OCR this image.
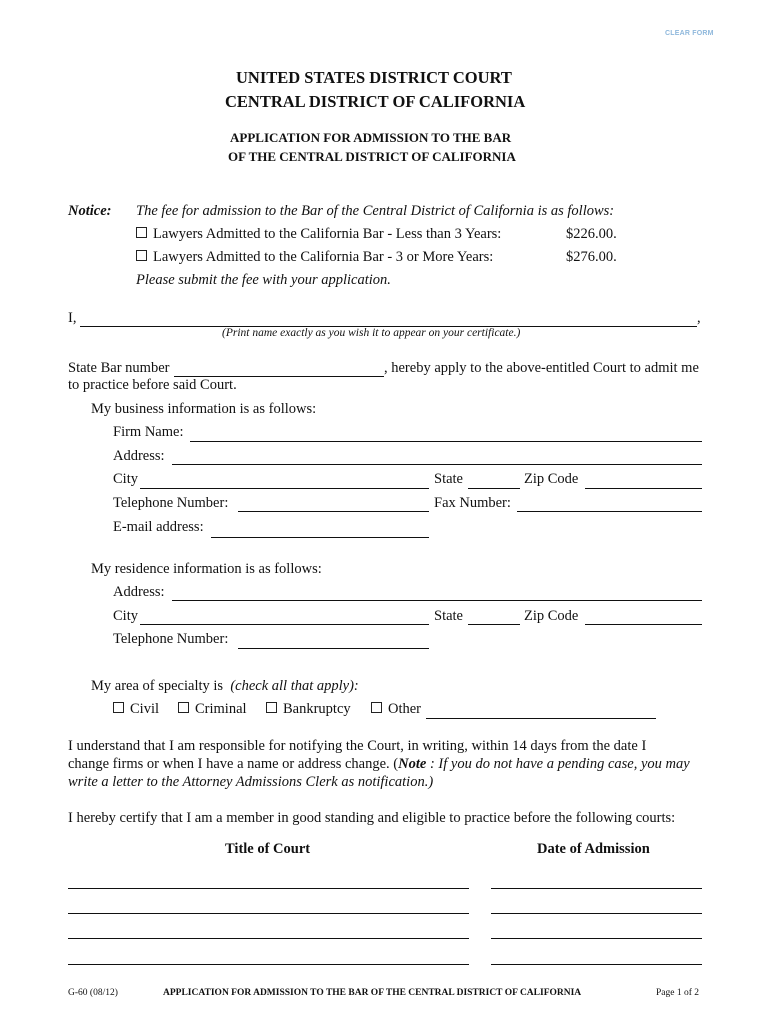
CLEAR FORM
UNITED STATES DISTRICT COURT
CENTRAL DISTRICT OF CALIFORNIA
APPLICATION FOR ADMISSION TO THE BAR
OF THE CENTRAL DISTRICT OF CALIFORNIA
Notice: The fee for admission to the Bar of the Central District of California is as follows:
Lawyers Admitted to the California Bar - Less than 3 Years:	$226.00.
Lawyers Admitted to the California Bar - 3 or More Years:	$276.00.
Please submit the fee with your application.
I,	,
(Print name exactly as you wish it to appear on your certificate.)
State Bar number	, hereby apply to the above-entitled Court to admit me
to practice before said Court.
My business information is as follows:
Firm Name:
Address:
City	State	Zip Code
Telephone Number:	Fax Number:
E-mail address:
My residence information is as follows:
Address:
City	State	Zip Code
Telephone Number:
My area of specialty is (check all that apply):
Civil	Criminal	Bankruptcy	Other
I understand that I am responsible for notifying the Court, in writing, within 14 days from the date I
change firms or when I have a name or address change. (Note : If you do not have a pending case, you may
write a letter to the Attorney Admissions Clerk as notification.)
I hereby certify that I am a member in good standing and eligible to practice before the following courts:
Title of Court	Date of Admission
G-60 (08/12)	APPLICATION FOR ADMISSION TO THE BAR OF THE CENTRAL DISTRICT OF CALIFORNIA	Page 1 of 2
